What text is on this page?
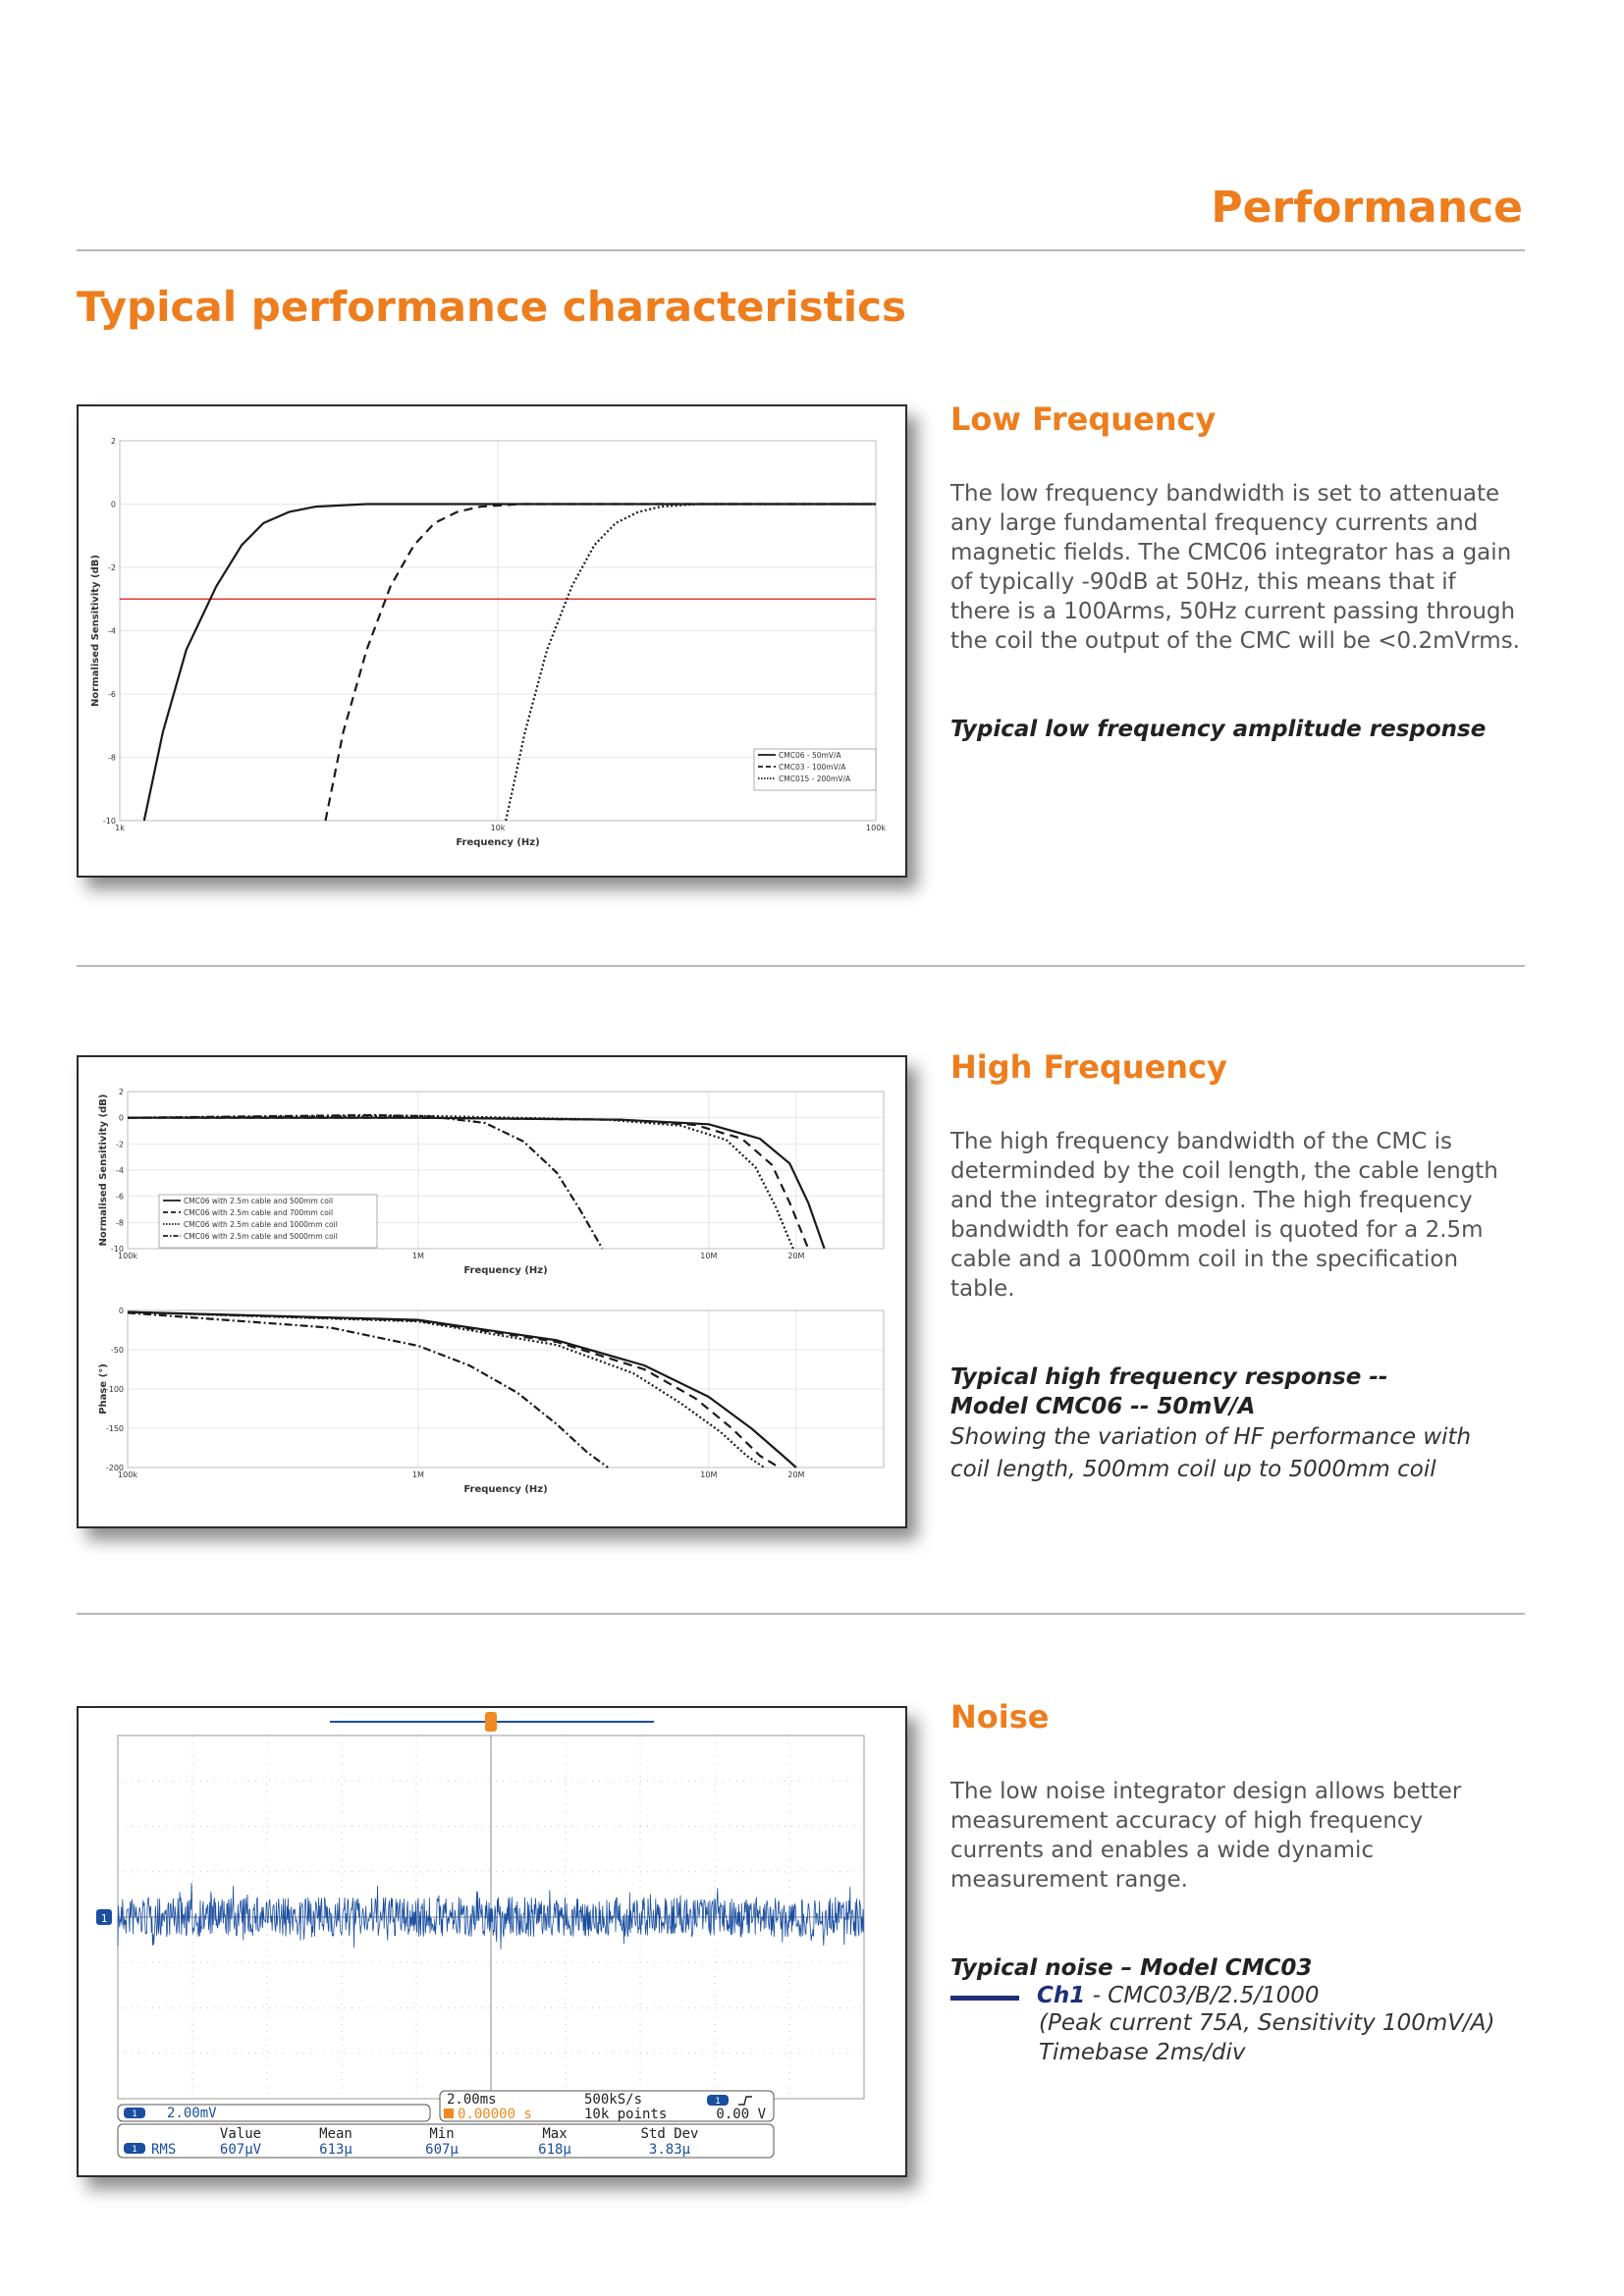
Performance
Typical performance characteristics
1k	10k	100k
2
0
-2
-4
-6
-8
-10
Frequency (Hz)
Normalised Sensitivity (dB)
CMC06 - 50mV/A
CMC03 - 100mV/A
CMC015 - 200mV/A
Low Frequency

The low frequency bandwidth is set to attenuate any large fundamental frequency currents and magnetic fields. The CMC06 integrator has a gain of typically -90dB at 50Hz, this means that if there is a 100Arms, 50Hz current passing through the coil the output of the CMC will be <0.2mVrms.

Typical low frequency amplitude response

100k	1M	10M	20M
2
0
-2
-4
-6
-8
-10
Frequency (Hz)
Normalised Sensitivity (dB)	CMC06 with 2.5m cable and 500mm coil
CMC06 with 2.5m cable and 700mm coil
CMC06 with 2.5m cable and 1000mm coil
CMC06 with 2.5m cable and 5000mm coil
100k	1M	10M	20M
0
-50
-100
-150
-200
Frequency (Hz)
Phase (°)
High Frequency

The high frequency bandwidth of the CMC is determinded by the coil length, the cable length and the integrator design. The high frequency bandwidth for each model is quoted for a 2.5m cable and a 1000mm coil in the specification table.

Typical high frequency response --

Model CMC06 -- 50mV/A

Showing the variation of HF performance with

coil length, 500mm coil up to 5000mm coil

1
1 2.00mV
2.00ms	500kS/s	1
0.00000 s	10k points	0.00 V
Value	Mean	Min	Max	Std Dev
1 RMS	607µV	613µ	607µ	618µ	3.83µ
Noise

The low noise integrator design allows better measurement accuracy of high frequency currents and enables a wide dynamic measurement range.

Typical noise – Model CMC03

Ch1 - CMC03/B/2.5/1000

(Peak current 75A, Sensitivity 100mV/A)

Timebase 2ms/div
